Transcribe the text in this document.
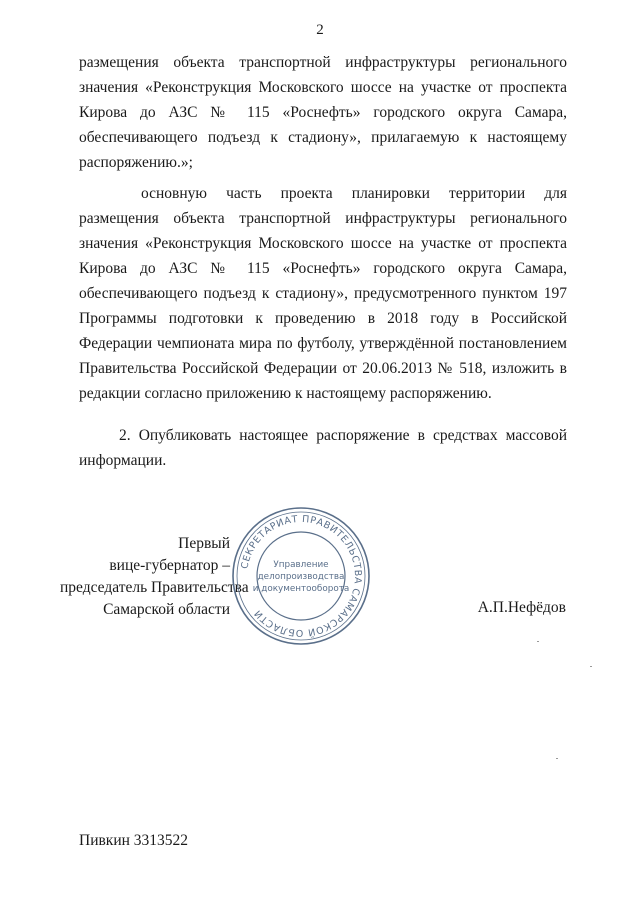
2

размещения объекта транспортной инфраструктуры регионального значения «Реконструкция Московского шоссе на участке от проспекта Кирова до АЗС № 115 «Роснефть» городского округа Самара, обеспечивающего подъезд к стадиону», прилагаемую к настоящему распоряжению.»;

основную часть проекта планировки территории для размещения объекта транспортной инфраструктуры регионального значения «Реконструкция Московского шоссе на участке от проспекта Кирова до АЗС № 115 «Роснефть» городского округа Самара, обеспечивающего подъезд к стадиону», предусмотренного пунктом 197 Программы подготовки к проведению в 2018 году в Российской Федерации чемпионата мира по футболу, утверждённой постановлением Правительства Российской Федерации от 20.06.2013 № 518, изложить в редакции согласно приложению к настоящему распоряжению.

2. Опубликовать настоящее распоряжение в средствах массовой информации.

Первый
вице-губернатор –
председатель Правительства
Самарской области
СЕКРЕТАРИАТ ПРАВИТЕЛЬСТВА САМАРСКОЙ ОБЛАСТИ
Управление
делопроизводства
и документооборота
А.П.Нефёдов
Пивкин 3313522
